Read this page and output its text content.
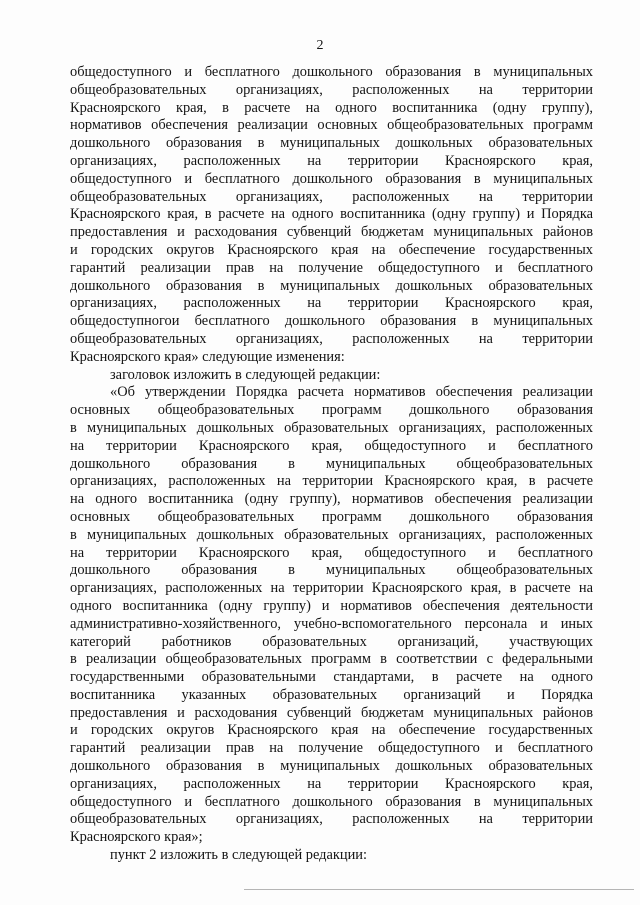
2
общедоступного и бесплатного дошкольного образования в муниципальных
общеобразовательных организациях, расположенных на территории
Красноярского края, в расчете на одного воспитанника (одну группу),
нормативов обеспечения реализации основных общеобразовательных программ
дошкольного образования в муниципальных дошкольных образовательных
организациях, расположенных на территории Красноярского края,
общедоступного и бесплатного дошкольного образования в муниципальных
общеобразовательных организациях, расположенных на территории
Красноярского края, в расчете на одного воспитанника (одну группу) и Порядка
предоставления и расходования субвенций бюджетам муниципальных районов
и городских округов Красноярского края на обеспечение государственных
гарантий реализации прав на получение общедоступного и бесплатного
дошкольного образования в муниципальных дошкольных образовательных
организациях, расположенных на территории Красноярского края,
общедоступногои бесплатного дошкольного образования в муниципальных
общеобразовательных организациях, расположенных на территории
Красноярского края» следующие изменения:
заголовок изложить в следующей редакции:
«Об утверждении Порядка расчета нормативов обеспечения реализации
основных общеобразовательных программ дошкольного образования
в муниципальных дошкольных образовательных организациях, расположенных
на территории Красноярского края, общедоступного и бесплатного
дошкольного образования в муниципальных общеобразовательных
организациях, расположенных на территории Красноярского края, в расчете
на одного воспитанника (одну группу), нормативов обеспечения реализации
основных общеобразовательных программ дошкольного образования
в муниципальных дошкольных образовательных организациях, расположенных
на территории Красноярского края, общедоступного и бесплатного
дошкольного образования в муниципальных общеобразовательных
организациях, расположенных на территории Красноярского края, в расчете на
одного воспитанника (одну группу) и нормативов обеспечения деятельности
административно-хозяйственного, учебно-вспомогательного персонала и иных
категорий работников образовательных организаций, участвующих
в реализации общеобразовательных программ в соответствии с федеральными
государственными образовательными стандартами, в расчете на одного
воспитанника указанных образовательных организаций и Порядка
предоставления и расходования субвенций бюджетам муниципальных районов
и городских округов Красноярского края на обеспечение государственных
гарантий реализации прав на получение общедоступного и бесплатного
дошкольного образования в муниципальных дошкольных образовательных
организациях, расположенных на территории Красноярского края,
общедоступного и бесплатного дошкольного образования в муниципальных
общеобразовательных организациях, расположенных на территории
Красноярского края»;
пункт 2 изложить в следующей редакции:
